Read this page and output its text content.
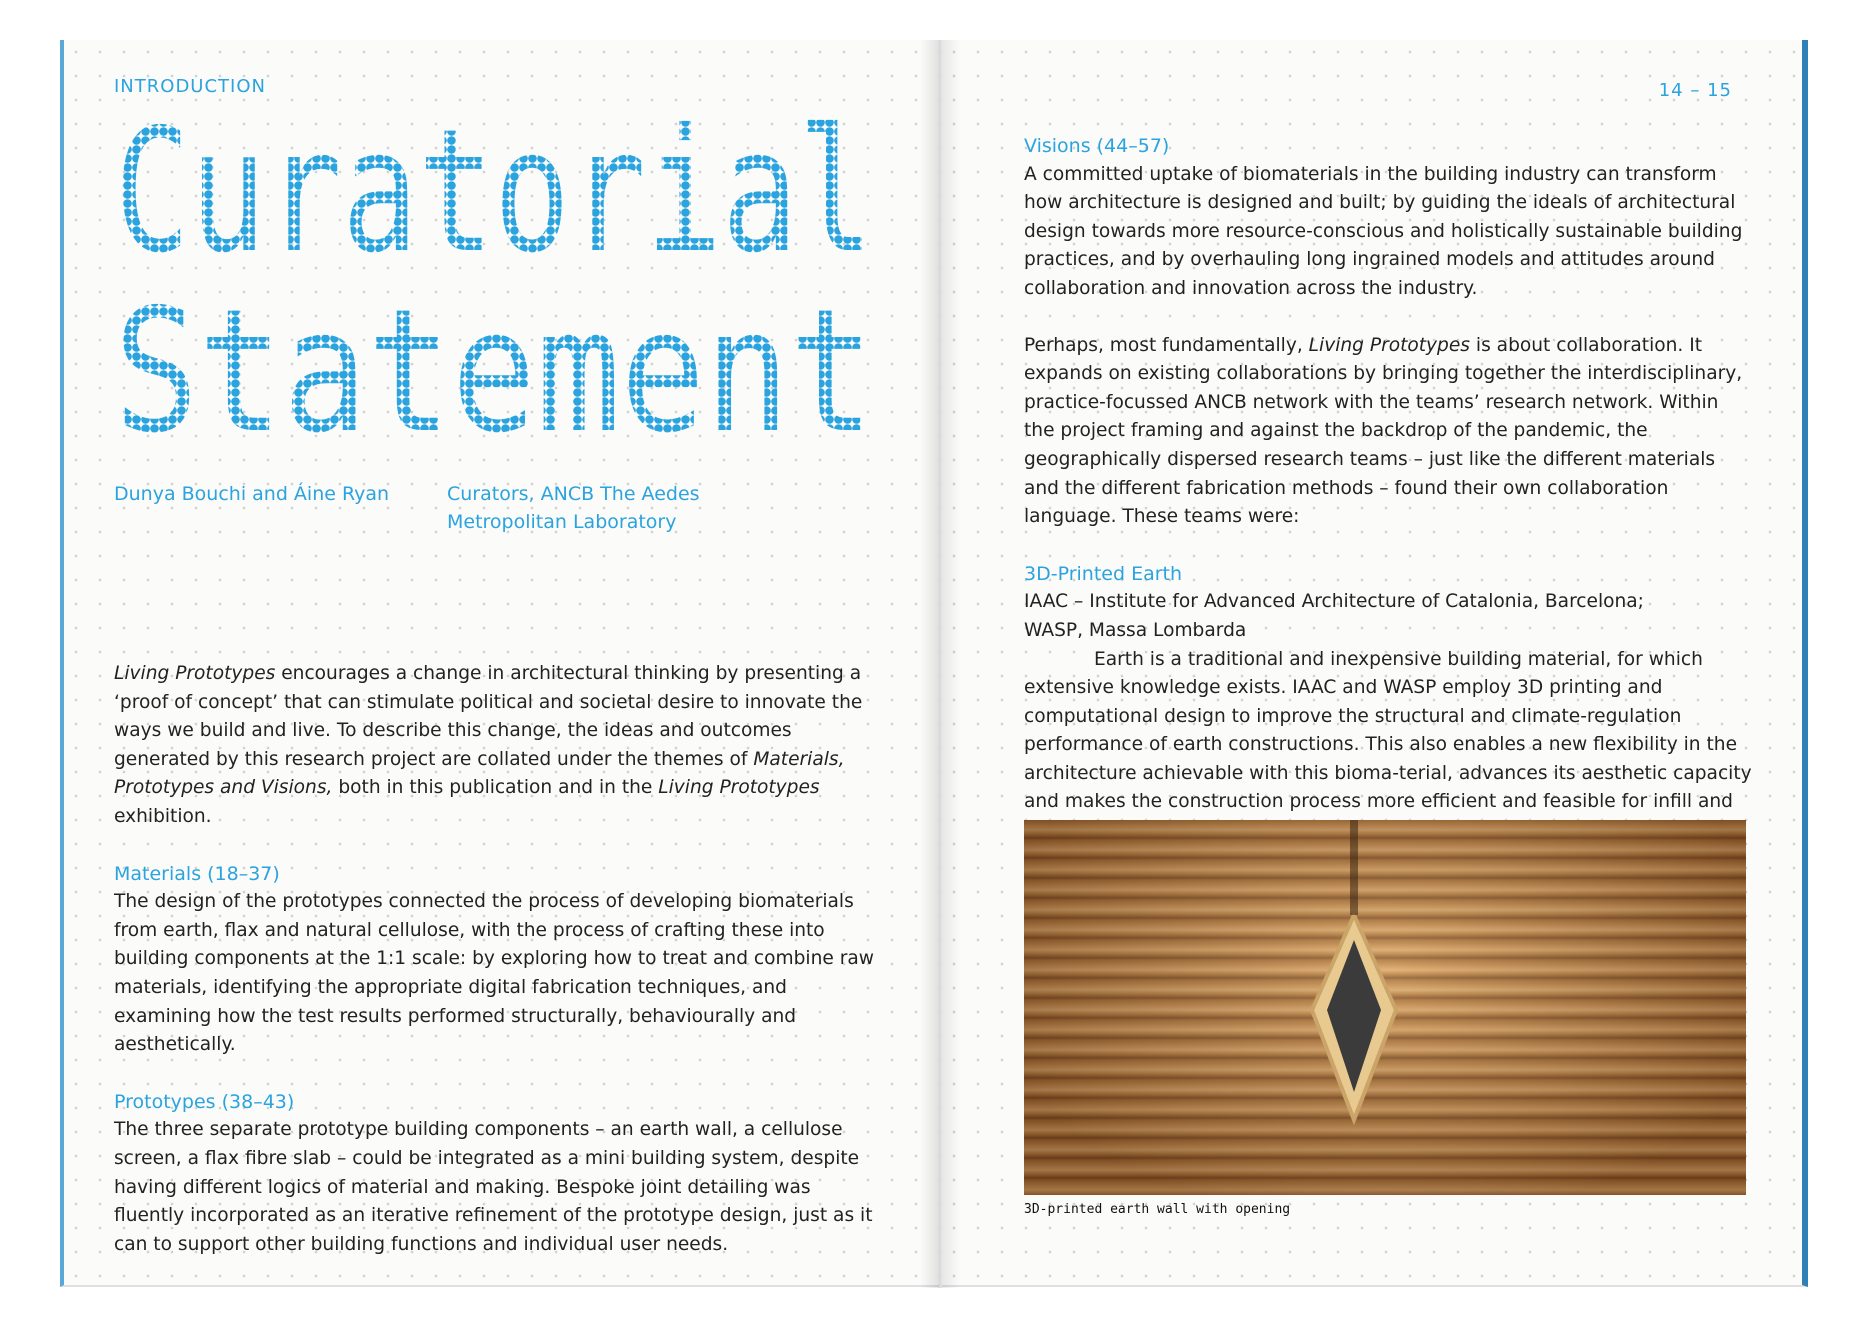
INTRODUCTION
Curatorial
Statement
Dunya Bouchi and Áine Ryan	Curators, ANCB The Aedes
Metropolitan Laboratory

Living Prototypes encourages a change in architectural thinking by presenting a ‘proof of concept’ that can stimulate political and societal desire to innovate the ways we build and live. To describe this change, the ideas and outcomes generated by this research project are collated under the themes of Materials, Prototypes and Visions, both in this publication and in the Living Prototypes exhibition.

Materials (18–37)
The design of the prototypes connected the process of developing biomaterials from earth, flax and natural cellulose, with the process of crafting these into building components at the 1:1 scale: by exploring how to treat and combine raw materials, identifying the appropriate digital fabrication techniques, and examining how the test results performed structurally, behaviourally and aesthetically.

Prototypes (38–43)
The three separate prototype building components – an earth wall, a cellulose screen, a flax fibre slab – could be integrated as a mini building system, despite having different logics of material and making. Bespoke joint detailing was fluently incorporated as an iterative refinement of the prototype design, just as it can to support other building functions and individual user needs.

14 – 15

Visions (44–57)
A committed uptake of biomaterials in the building industry can transform how architecture is designed and built; by guiding the ideals of architectural design towards more resource-conscious and holistically sustainable building practices, and by overhauling long ingrained models and attitudes around collaboration and innovation across the industry.

Perhaps, most fundamentally, Living Prototypes is about collaboration. It expands on existing collaborations by bringing together the interdisciplinary, practice-focussed ANCB network with the teams’ research network. Within the project framing and against the backdrop of the pandemic, the geographically dispersed research teams – just like the different materials and the different fabrication methods – found their own collaboration language. These teams were:

3D-Printed Earth
IAAC – Institute for Advanced Architecture of Catalonia, Barcelona;
WASP, Massa Lombarda
Earth is a traditional and inexpensive building material, for which extensive knowledge exists. IAAC and WASP employ 3D printing and computational design to improve the structural and climate-regulation performance of earth constructions. This also enables a new flexibility in the architecture achievable with this bioma-terial, advances its aesthetic capacity and makes the construction process more efficient and feasible for infill and

3D-printed earth wall with opening
